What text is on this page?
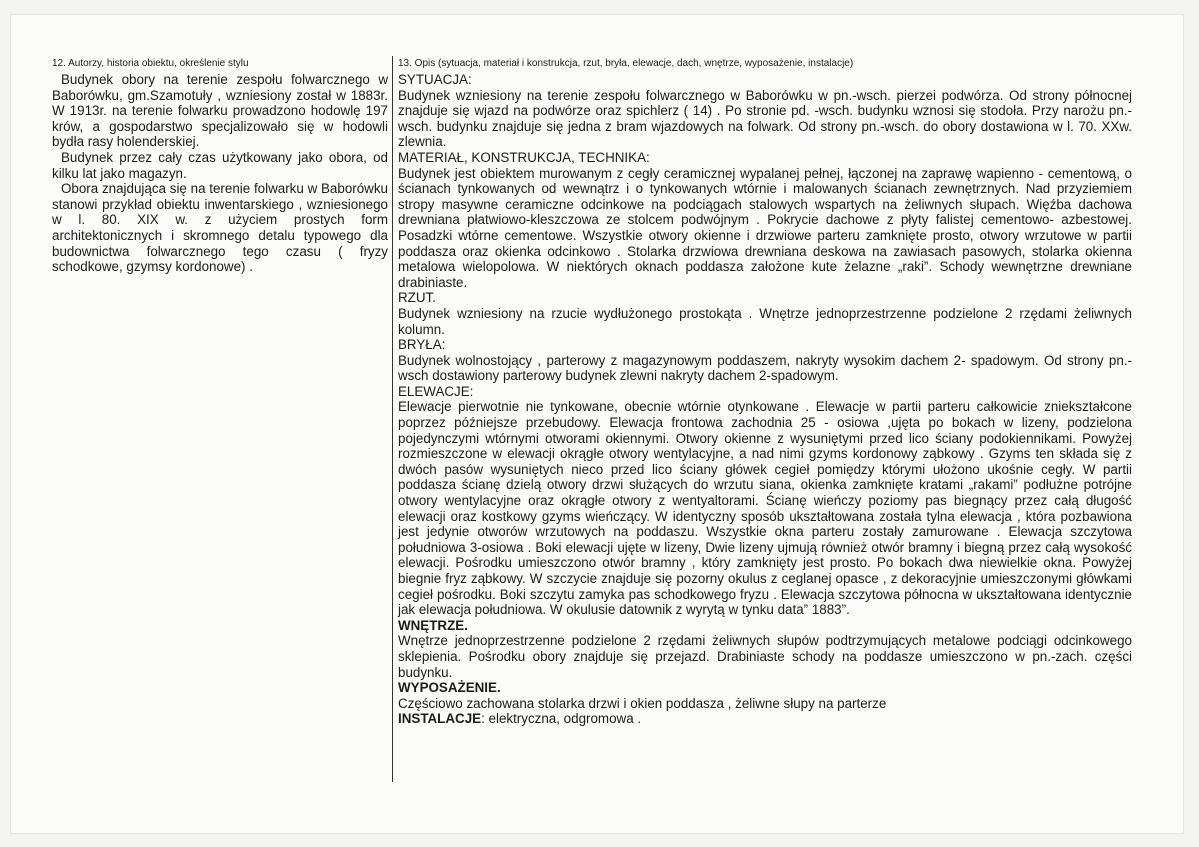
12. Autorzy, historia obiektu, określenie stylu

Budynek obory na terenie zespołu folwarcznego w Baborówku, gm.Szamotuły , wzniesiony został w 1883r. W 1913r. na terenie folwarku prowadzono hodowlę 197 krów, a gospodarstwo specjalizowało się w hodowli bydła rasy holenderskiej.

Budynek przez cały czas użytkowany jako obora, od kilku lat jako magazyn.

Obora znajdująca się na terenie folwarku w Baborówku stanowi przykład obiektu inwentarskiego , wzniesionego w l. 80. XIX w. z użyciem prostych form architektonicznych i skromnego detalu typowego dla budownictwa folwarcznego tego czasu ( fryzy schodkowe, gzymsy kordonowe) .

13. Opis (sytuacja, materiał i konstrukcja, rzut, bryła, elewacje, dach, wnętrze, wyposażenie, instalacje)
SYTUACJA:

Budynek wzniesiony na terenie zespołu folwarcznego w Baborówku w pn.-wsch. pierzei podwórza. Od strony północnej znajduje się wjazd na podwórze oraz spichlerz ( 14) . Po stronie pd. -wsch. budynku wznosi się stodoła. Przy narożu pn.-wsch. budynku znajduje się jedna z bram wjazdowych na folwark. Od strony pn.-wsch. do obory dostawiona w l. 70. XXw. zlewnia.

MATERIAŁ, KONSTRUKCJA, TECHNIKA:

Budynek jest obiektem murowanym z cegły ceramicznej wypalanej pełnej, łączonej na zaprawę wapienno - cementową, o ścianach tynkowanych od wewnątrz i o tynkowanych wtórnie i malowanych ścianach zewnętrznych. Nad przyziemiem stropy masywne ceramiczne odcinkowe na podciągach stalowych wspartych na żeliwnych słupach. Więźba dachowa drewniana płatwiowo-kleszczowa ze stolcem podwójnym . Pokrycie dachowe z płyty falistej cementowo- azbestowej. Posadzki wtórne cementowe. Wszystkie otwory okienne i drzwiowe parteru zamknięte prosto, otwory wrzutowe w partii poddasza oraz okienka odcinkowo . Stolarka drzwiowa drewniana deskowa na zawiasach pasowych, stolarka okienna metalowa wielopolowa. W niektórych oknach poddasza założone kute żelazne „raki”. Schody wewnętrzne drewniane drabiniaste.

RZUT.

Budynek wzniesiony na rzucie wydłużonego prostokąta . Wnętrze jednoprzestrzenne podzielone 2 rzędami żeliwnych kolumn.

BRYŁA:

Budynek wolnostojący , parterowy z magazynowym poddaszem, nakryty wysokim dachem 2- spadowym. Od strony pn.-wsch dostawiony parterowy budynek zlewni nakryty dachem 2-spadowym.

ELEWACJE:

Elewacje pierwotnie nie tynkowane, obecnie wtórnie otynkowane . Elewacje w partii parteru całkowicie zniekształcone poprzez późniejsze przebudowy. Elewacja frontowa zachodnia 25 - osiowa ,ujęta po bokach w lizeny, podzielona pojedynczymi wtórnymi otworami okiennymi. Otwory okienne z wysuniętymi przed lico ściany podokiennikami. Powyżej rozmieszczone w elewacji okrągłe otwory wentylacyjne, a nad nimi gzyms kordonowy ząbkowy . Gzyms ten składa się z dwóch pasów wysuniętych nieco przed lico ściany główek cegieł pomiędzy którymi ułożono ukośnie cegły. W partii poddasza ścianę dzielą otwory drzwi służących do wrzutu siana, okienka zamknięte kratami „rakami” podłużne potrójne otwory wentylacyjne oraz okrągłe otwory z wentyaltorami. Ścianę wieńczy poziomy pas biegnący przez całą długość elewacji oraz kostkowy gzyms wieńczący. W identyczny sposób ukształtowana została tylna elewacja , która pozbawiona jest jedynie otworów wrzutowych na poddaszu. Wszystkie okna parteru zostały zamurowane . Elewacja szczytowa południowa 3-osiowa . Boki elewacji ujęte w lizeny, Dwie lizeny ujmują również otwór bramny i biegną przez całą wysokość elewacji. Pośrodku umieszczono otwór bramny , który zamknięty jest prosto. Po bokach dwa niewielkie okna. Powyżej biegnie fryz ząbkowy. W szczycie znajduje się pozorny okulus z ceglanej opasce , z dekoracyjnie umieszczonymi główkami cegieł pośrodku. Boki szczytu zamyka pas schodkowego fryzu . Elewacja szczytowa północna w ukształtowana identycznie jak elewacja południowa. W okulusie datownik z wyrytą w tynku data” 1883”.

WNĘTRZE.

Wnętrze jednoprzestrzenne podzielone 2 rzędami żeliwnych słupów podtrzymujących metalowe podciągi odcinkowego sklepienia. Pośrodku obory znajduje się przejazd. Drabiniaste schody na poddasze umieszczono w pn.-zach. części budynku.

WYPOSAŻENIE.

Częściowo zachowana stolarka drzwi i okien poddasza , żeliwne słupy na parterze

INSTALACJE: elektryczna, odgromowa .
